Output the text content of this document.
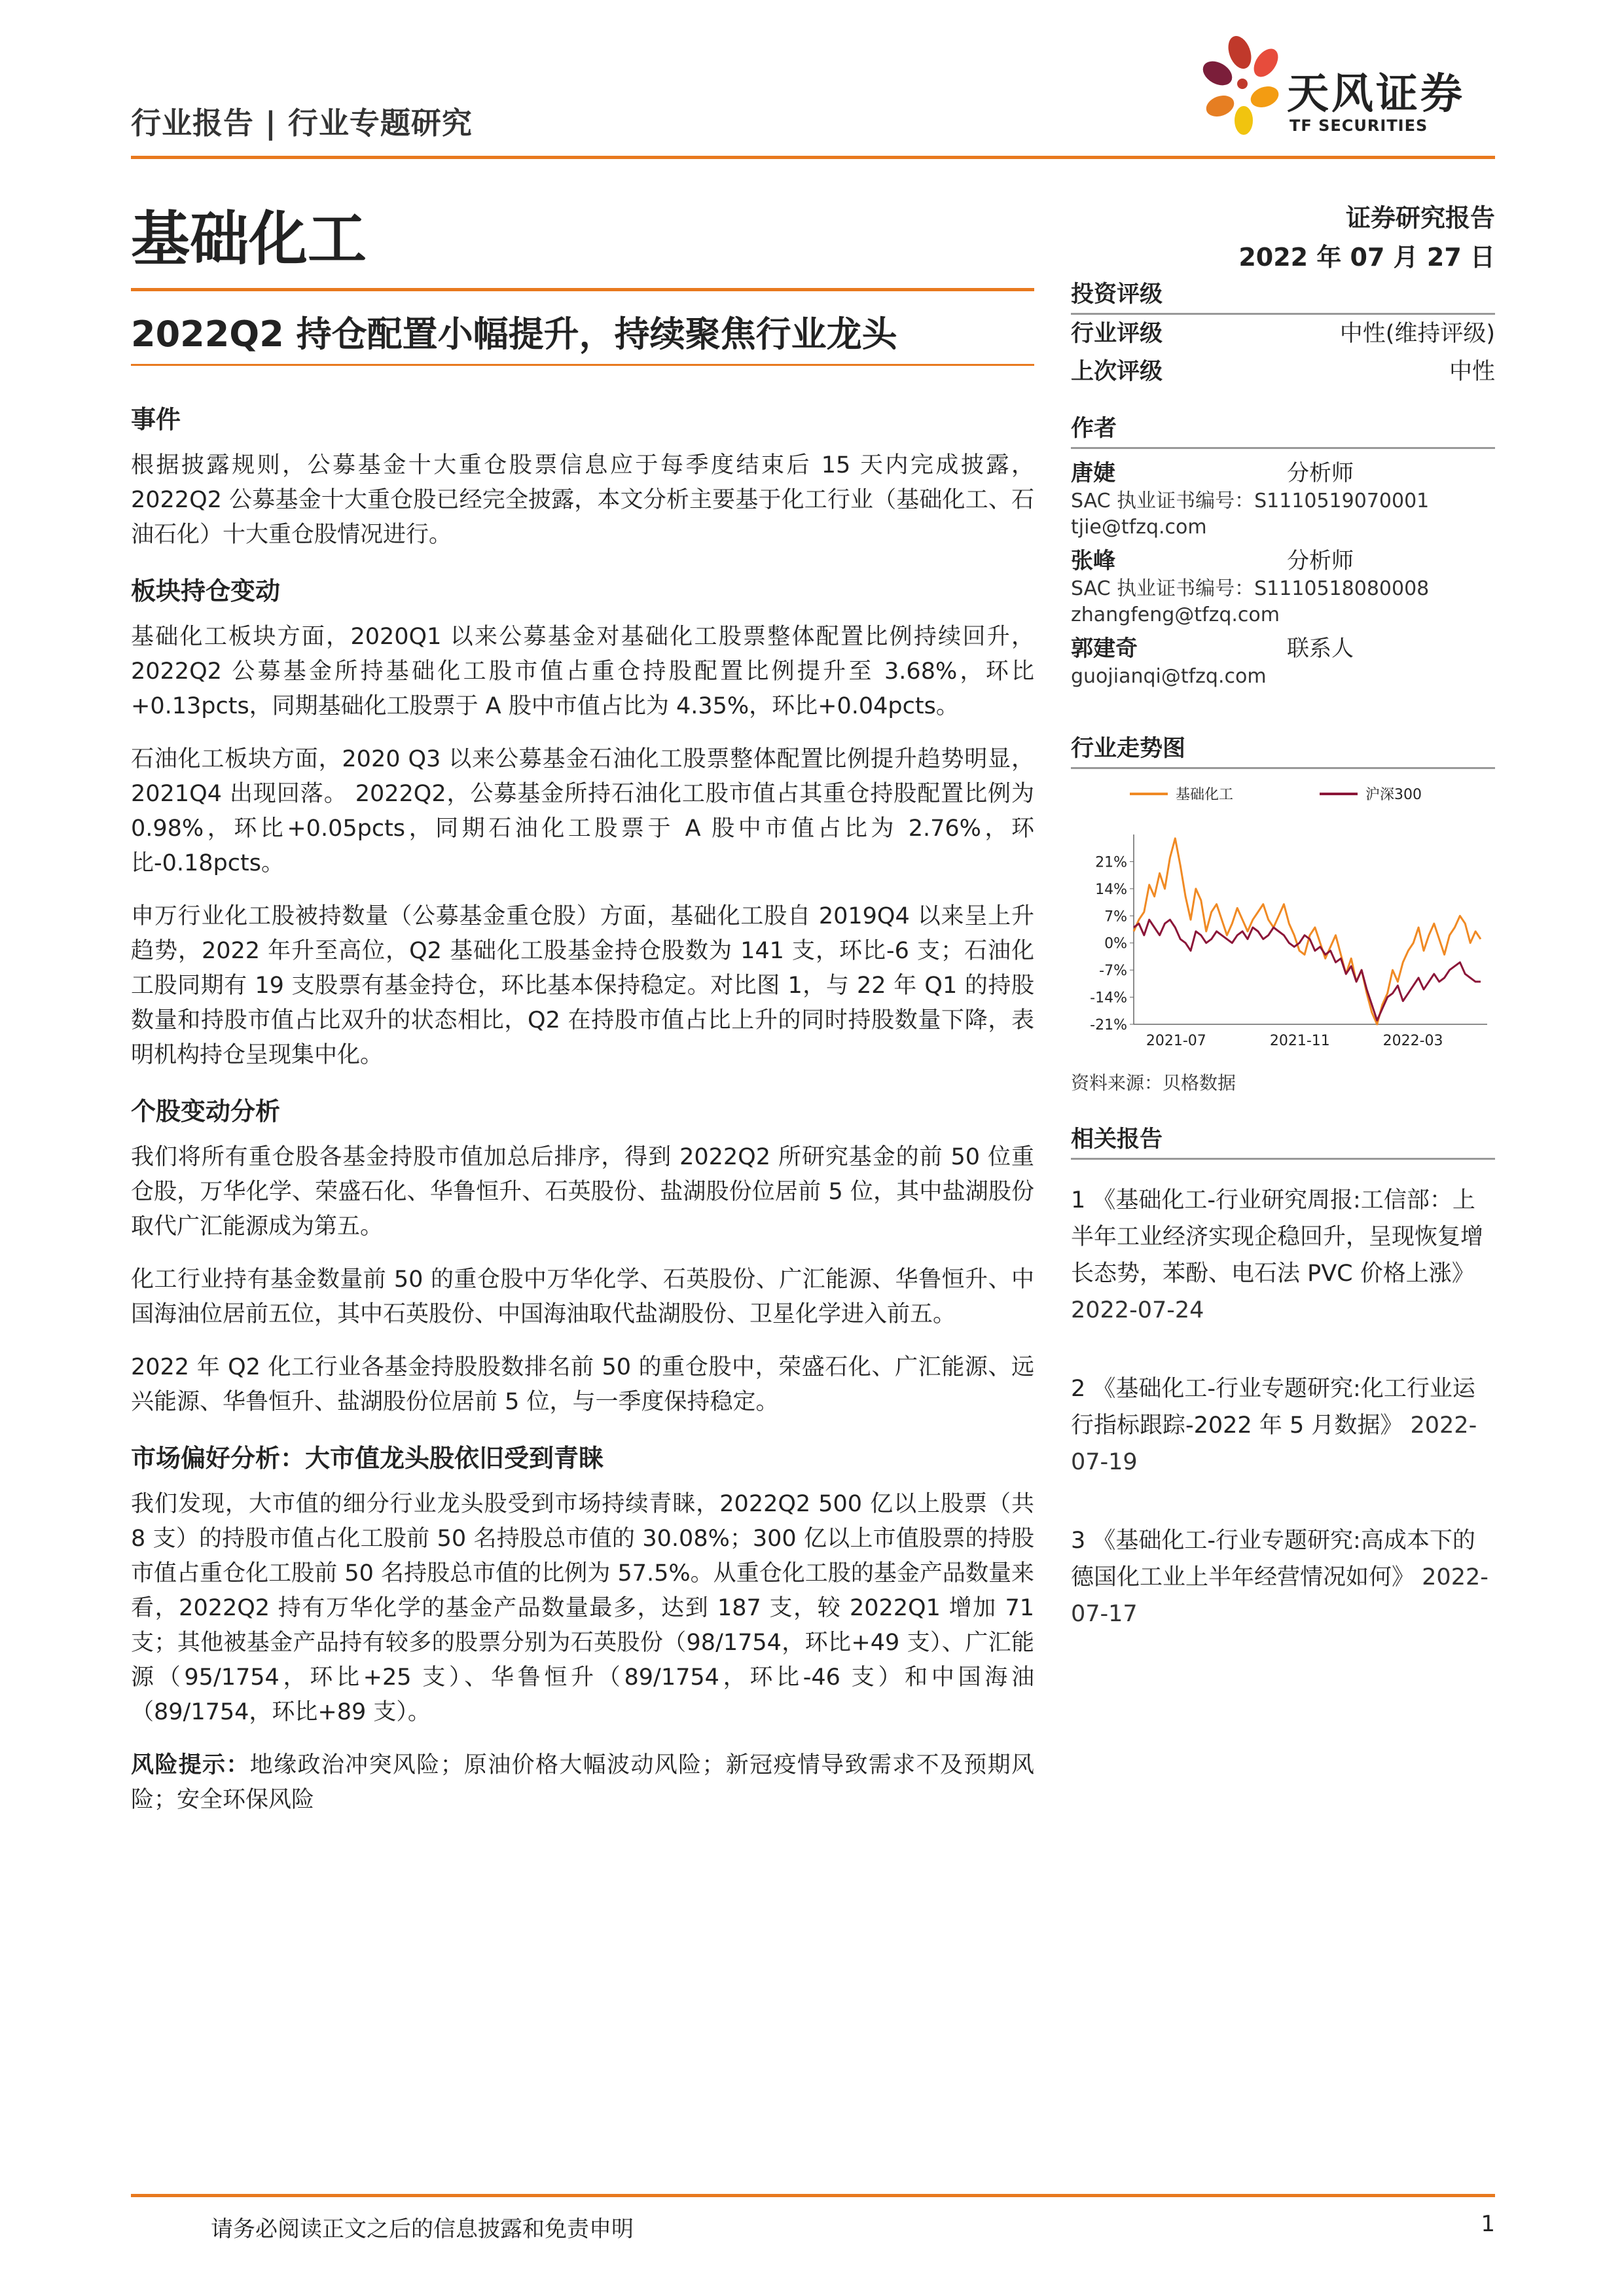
行业报告 | 行业专题研究
天风证券
TF SECURITIES
基础化工	证券研究报告
2022 年 07 月 27 日
2022Q2 持仓配置小幅提升，持续聚焦行业龙头
事件

根据披露规则，公募基金十大重仓股票信息应于每季度结束后 15 天内完成披露，2022Q2 公募基金十大重仓股已经完全披露，本文分析主要基于化工行业（基础化工、石油石化）十大重仓股情况进行。

板块持仓变动

基础化工板块方面，2020Q1 以来公募基金对基础化工股票整体配置比例持续回升，2022Q2 公募基金所持基础化工股市值占重仓持股配置比例提升至 3.68%，环比+0.13pcts，同期基础化工股票于 A 股中市值占比为 4.35%，环比+0.04pcts。

石油化工板块方面，2020 Q3 以来公募基金石油化工股票整体配置比例提升趋势明显， 2021Q4 出现回落。 2022Q2，公募基金所持石油化工股市值占其重仓持股配置比例为 0.98%，环比+0.05pcts，同期石油化工股票于 A 股中市值占比为 2.76%，环比-0.18pcts。

申万行业化工股被持数量（公募基金重仓股）方面，基础化工股自 2019Q4 以来呈上升趋势，2022 年升至高位，Q2 基础化工股基金持仓股数为 141 支，环比-6 支；石油化工股同期有 19 支股票有基金持仓，环比基本保持稳定。对比图 1，与 22 年 Q1 的持股数量和持股市值占比双升的状态相比，Q2 在持股市值占比上升的同时持股数量下降，表明机构持仓呈现集中化。

个股变动分析

我们将所有重仓股各基金持股市值加总后排序，得到 2022Q2 所研究基金的前 50 位重仓股，万华化学、荣盛石化、华鲁恒升、石英股份、盐湖股份位居前 5 位，其中盐湖股份取代广汇能源成为第五。

化工行业持有基金数量前 50 的重仓股中万华化学、石英股份、广汇能源、华鲁恒升、中国海油位居前五位，其中石英股份、中国海油取代盐湖股份、卫星化学进入前五。

2022 年 Q2 化工行业各基金持股股数排名前 50 的重仓股中，荣盛石化、广汇能源、远兴能源、华鲁恒升、盐湖股份位居前 5 位，与一季度保持稳定。

市场偏好分析：大市值龙头股依旧受到青睐

我们发现，大市值的细分行业龙头股受到市场持续青睐，2022Q2 500 亿以上股票（共 8 支）的持股市值占化工股前 50 名持股总市值的 30.08%；300 亿以上市值股票的持股市值占重仓化工股前 50 名持股总市值的比例为 57.5%。从重仓化工股的基金产品数量来看，2022Q2 持有万华化学的基金产品数量最多，达到 187 支，较 2022Q1 增加 71 支；其他被基金产品持有较多的股票分别为石英股份（98/1754，环比+49 支）、广汇能源（95/1754，环比+25 支）、华鲁恒升（89/1754，环比-46 支）和中国海油（89/1754，环比+89 支）。

风险提示：地缘政治冲突风险；原油价格大幅波动风险；新冠疫情导致需求不及预期风险；安全环保风险

投资评级
行业评级	中性(维持评级)
上次评级	中性
作者
唐婕	分析师
SAC 执业证书编号：S1110519070001
tjie@tfzq.com
张峰	分析师
SAC 执业证书编号：S1110518080008
zhangfeng@tfzq.com
郭建奇	联系人
guojianqi@tfzq.com
行业走势图
基础化工	沪深300
21%
14%
7%
0%
-7%
-14%
-21%
2021-07	2021-11	2022-03
资料来源：贝格数据
相关报告
1 《基础化工-行业研究周报:工信部：上半年工业经济实现企稳回升，呈现恢复增长态势，苯酚、电石法 PVC 价格上涨》 2022-07-24
2 《基础化工-行业专题研究:化工行业运行指标跟踪-2022 年 5 月数据》 2022-07-19
3 《基础化工-行业专题研究:高成本下的德国化工业上半年经营情况如何》 2022-07-17
请务必阅读正文之后的信息披露和免责申明	1
